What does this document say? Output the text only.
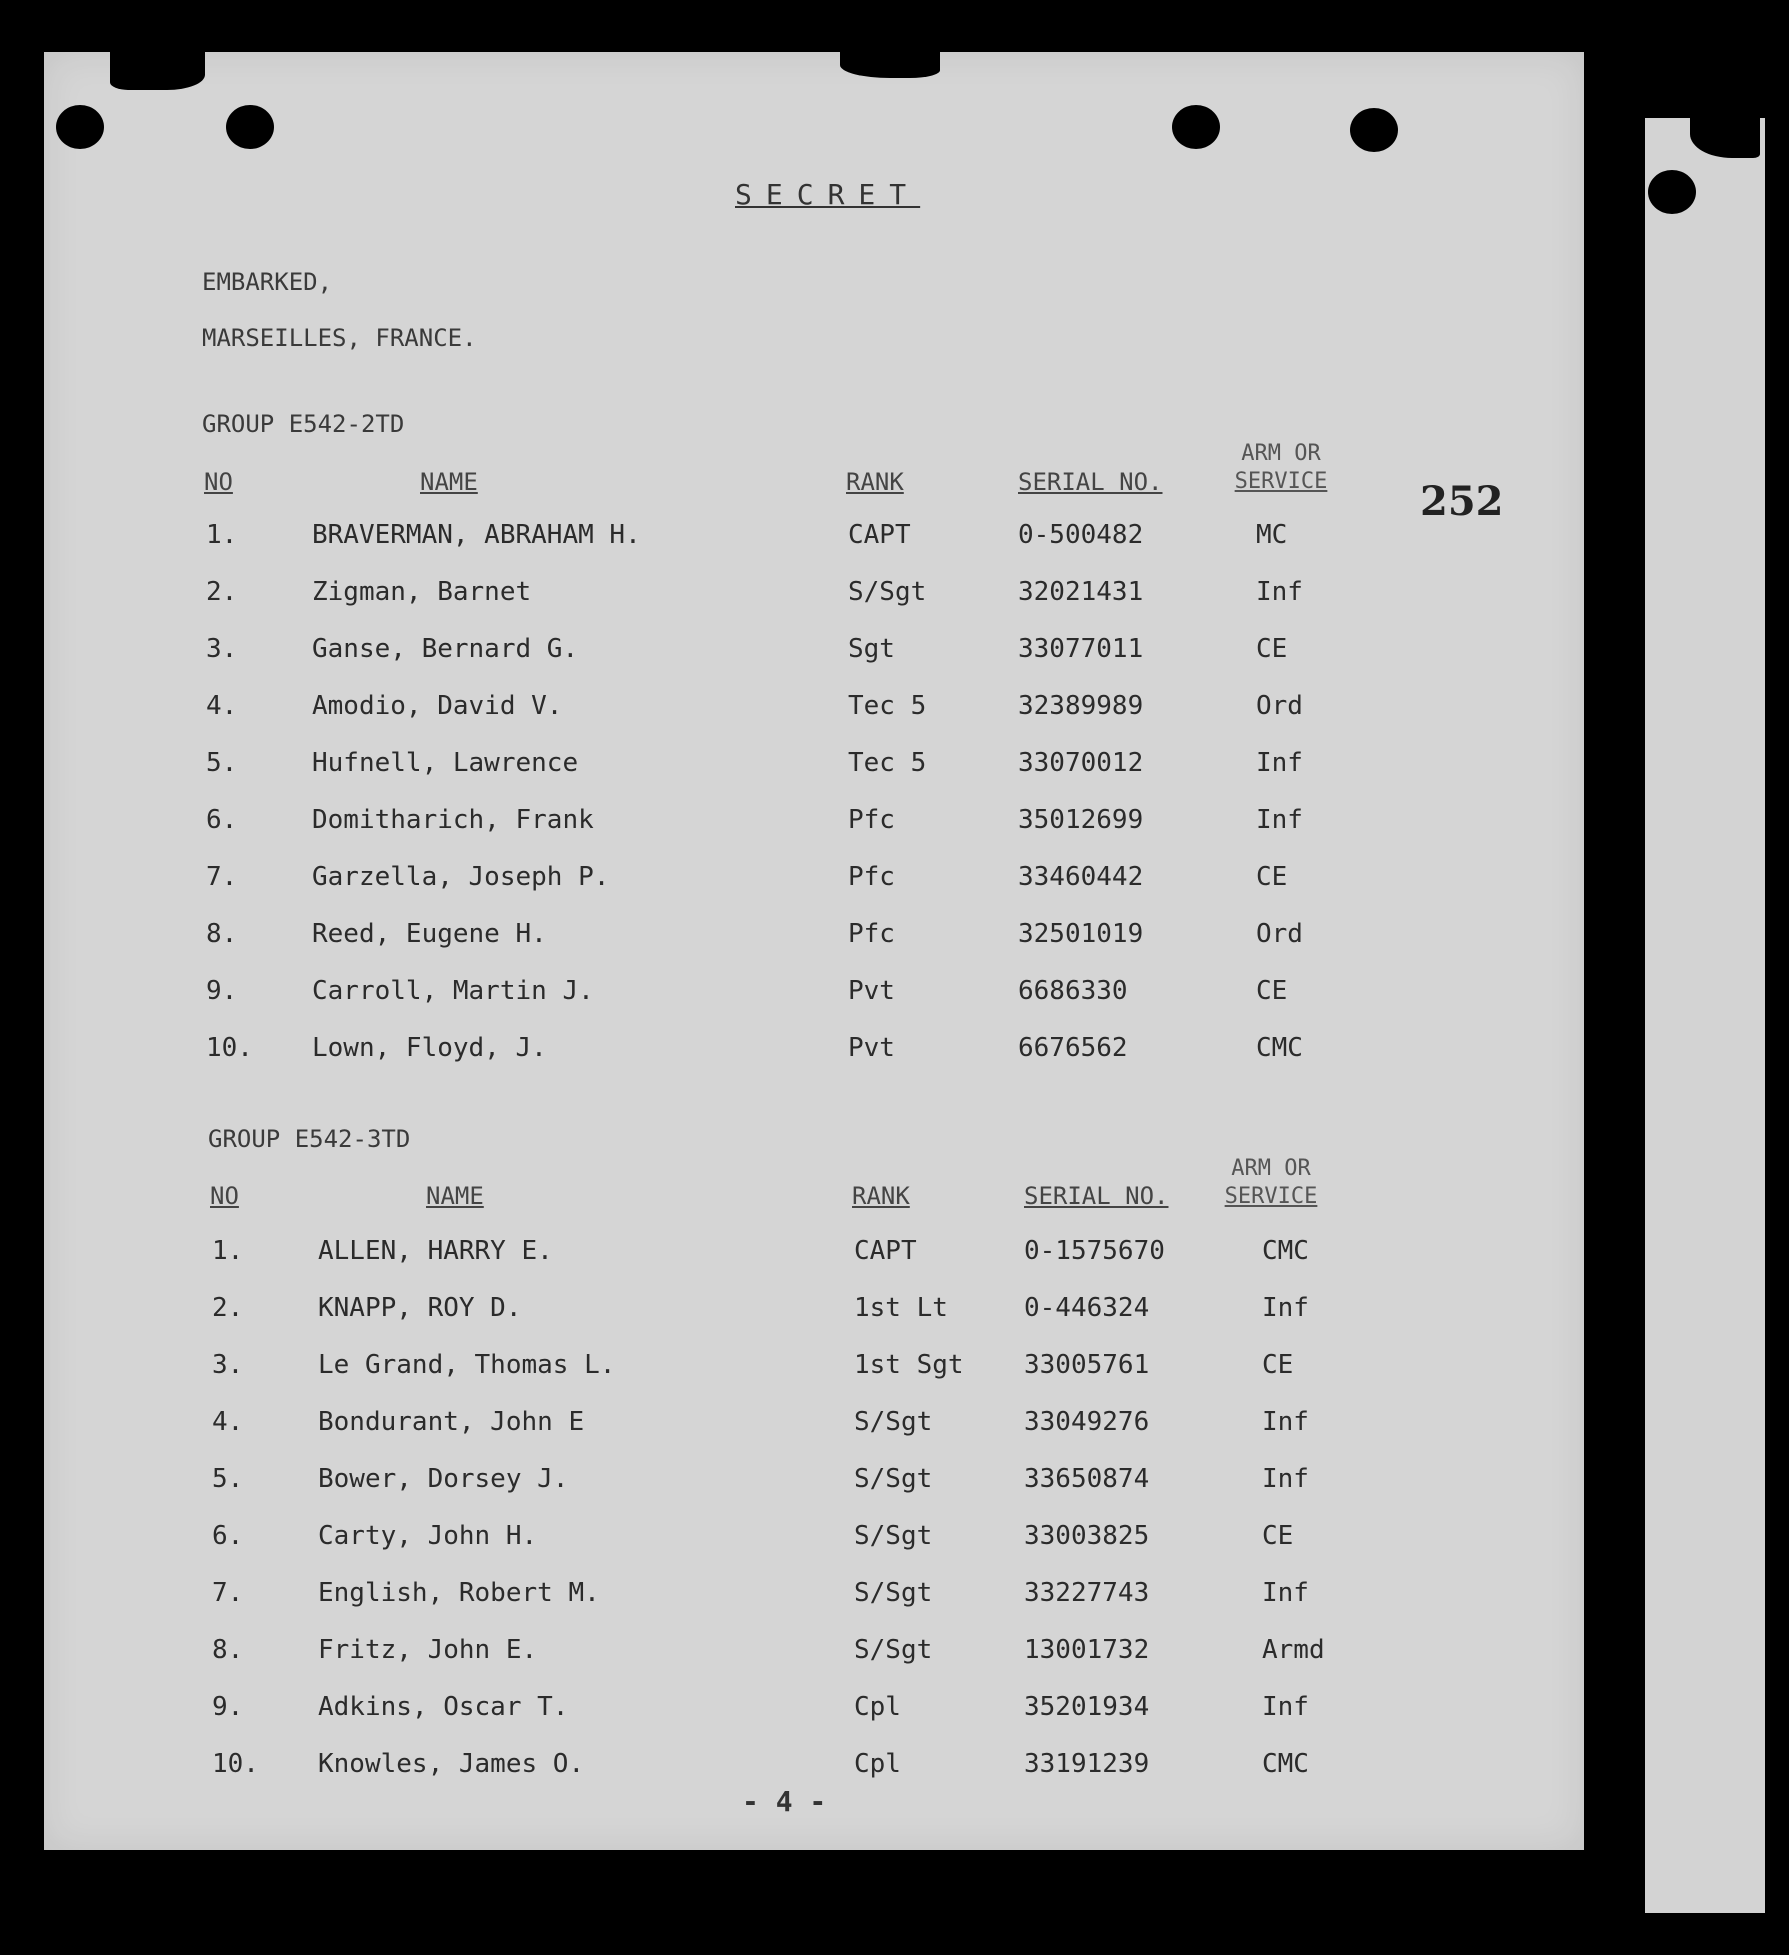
SECRET
EMBARKED,
MARSEILLES, FRANCE.
252
GROUP E542-2TD
NO	NAME	RANK	SERIAL NO.
ARM OR
SERVICE
1.	BRAVERMAN, ABRAHAM H.	CAPT	0-500482	MC
2.	Zigman, Barnet	S/Sgt	32021431	Inf
3.	Ganse, Bernard G.	Sgt	33077011	CE
4.	Amodio, David V.	Tec 5	32389989	Ord
5.	Hufnell, Lawrence	Tec 5	33070012	Inf
6.	Domitharich, Frank	Pfc	35012699	Inf
7.	Garzella, Joseph P.	Pfc	33460442	CE
8.	Reed, Eugene H.	Pfc	32501019	Ord
9.	Carroll, Martin J.	Pvt	6686330	CE
10. Lown, Floyd, J.	Pvt	6676562	CMC
GROUP E542-3TD
NO	NAME	RANK	SERIAL NO.
ARM OR
SERVICE
1.	ALLEN, HARRY E.	CAPT	0-1575670	CMC
2.	KNAPP, ROY D.	1st Lt	0-446324	Inf
3.	Le Grand, Thomas L.	1st Sgt 33005761	CE
4.	Bondurant, John E	S/Sgt	33049276	Inf
5.	Bower, Dorsey J.	S/Sgt	33650874	Inf
6.	Carty, John H.	S/Sgt	33003825	CE
7.	English, Robert M.	S/Sgt	33227743	Inf
8.	Fritz, John E.	S/Sgt	13001732	Armd
9.	Adkins, Oscar T.	Cpl	35201934	Inf
10. Knowles, James O.	Cpl	33191239	CMC
- 4 -
